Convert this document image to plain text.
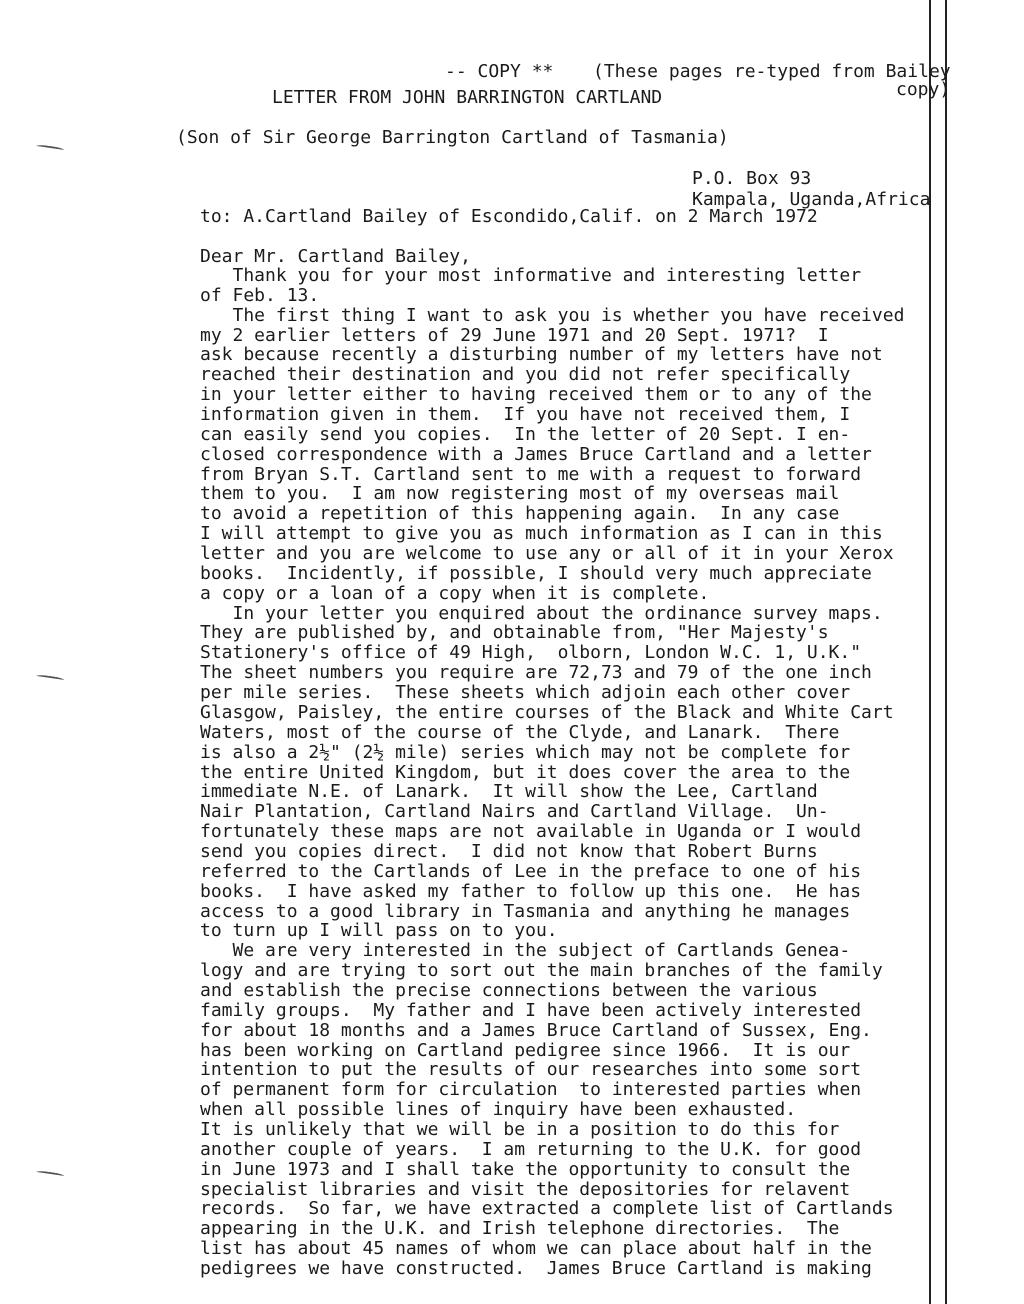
-- COPY ** (These pages re-typed from Bailey

copy)

LETTER FROM JOHN BARRINGTON CARTLAND

(Son of Sir George Barrington Cartland of Tasmania)

P.O. Box 93

Kampala, Uganda,Africa

to: A.Cartland Bailey of Escondido,Calif. on 2 March 1972

Dear Mr. Cartland Bailey,

Thank you for your most informative and interesting letter

of Feb. 13.

The first thing I want to ask you is whether you have received

my 2 earlier letters of 29 June 1971 and 20 Sept. 1971?  I

ask because recently a disturbing number of my letters have not

reached their destination and you did not refer specifically

in your letter either to having received them or to any of the

information given in them.  If you have not received them, I

can easily send you copies.  In the letter of 20 Sept. I en-

closed correspondence with a James Bruce Cartland and a letter

from Bryan S.T. Cartland sent to me with a request to forward

them to you.  I am now registering most of my overseas mail

to avoid a repetition of this happening again.  In any case

I will attempt to give you as much information as I can in this

letter and you are welcome to use any or all of it in your Xerox

books.  Incidently, if possible, I should very much appreciate

a copy or a loan of a copy when it is complete.

In your letter you enquired about the ordinance survey maps.

They are published by, and obtainable from, "Her Majesty's

Stationery's office of 49 High,  olborn, London W.C. 1, U.K."

The sheet numbers you require are 72,73 and 79 of the one inch

per mile series.  These sheets which adjoin each other cover

Glasgow, Paisley, the entire courses of the Black and White Cart

Waters, most of the course of the Clyde, and Lanark.  There

is also a 2½" (2½ mile) series which may not be complete for

the entire United Kingdom, but it does cover the area to the

immediate N.E. of Lanark.  It will show the Lee, Cartland

Nair Plantation, Cartland Nairs and Cartland Village.  Un-

fortunately these maps are not available in Uganda or I would

send you copies direct.  I did not know that Robert Burns

referred to the Cartlands of Lee in the preface to one of his

books.  I have asked my father to follow up this one.  He has

access to a good library in Tasmania and anything he manages

to turn up I will pass on to you.

We are very interested in the subject of Cartlands Genea-

logy and are trying to sort out the main branches of the family

and establish the precise connections between the various

family groups.  My father and I have been actively interested

for about 18 months and a James Bruce Cartland of Sussex, Eng.

has been working on Cartland pedigree since 1966.  It is our

intention to put the results of our researches into some sort

of permanent form for circulation  to interested parties when

when all possible lines of inquiry have been exhausted.

It is unlikely that we will be in a position to do this for

another couple of years.  I am returning to the U.K. for good

in June 1973 and I shall take the opportunity to consult the

specialist libraries and visit the depositories for relavent

records.  So far, we have extracted a complete list of Cartlands

appearing in the U.K. and Irish telephone directories.  The

list has about 45 names of whom we can place about half in the

pedigrees we have constructed.  James Bruce Cartland is making
